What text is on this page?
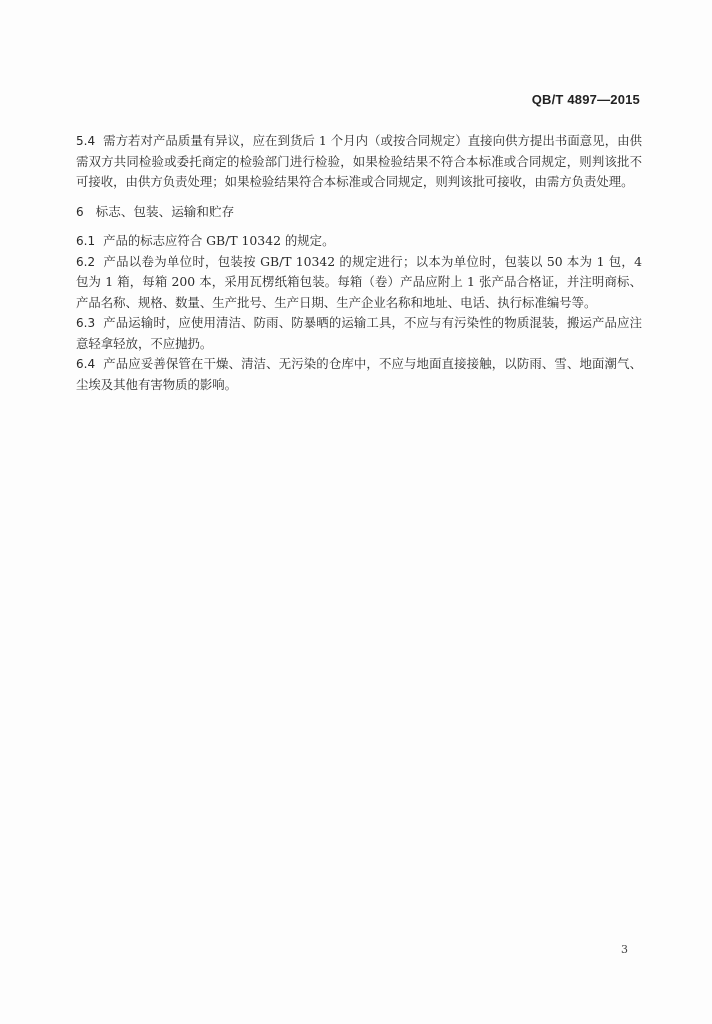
QB/T 4897—2015

5.4 需方若对产品质量有异议，应在到货后 1 个月内（或按合同规定）直接向供方提出书面意见，由供需双方共同检验或委托商定的检验部门进行检验，如果检验结果不符合本标准或合同规定，则判该批不可接收，由供方负责处理；如果检验结果符合本标准或合同规定，则判该批可接收，由需方负责处理。

6 标志、包装、运输和贮存

6.1 产品的标志应符合 GB/T 10342 的规定。

6.2 产品以卷为单位时，包装按 GB/T 10342 的规定进行；以本为单位时，包装以 50 本为 1 包，4 包为 1 箱，每箱 200 本，采用瓦楞纸箱包装。每箱（卷）产品应附上 1 张产品合格证，并注明商标、产品名称、规格、数量、生产批号、生产日期、生产企业名称和地址、电话、执行标准编号等。

6.3 产品运输时，应使用清洁、防雨、防暴晒的运输工具，不应与有污染性的物质混装，搬运产品应注意轻拿轻放，不应抛扔。

6.4 产品应妥善保管在干燥、清洁、无污染的仓库中，不应与地面直接接触，以防雨、雪、地面潮气、尘埃及其他有害物质的影响。

3
